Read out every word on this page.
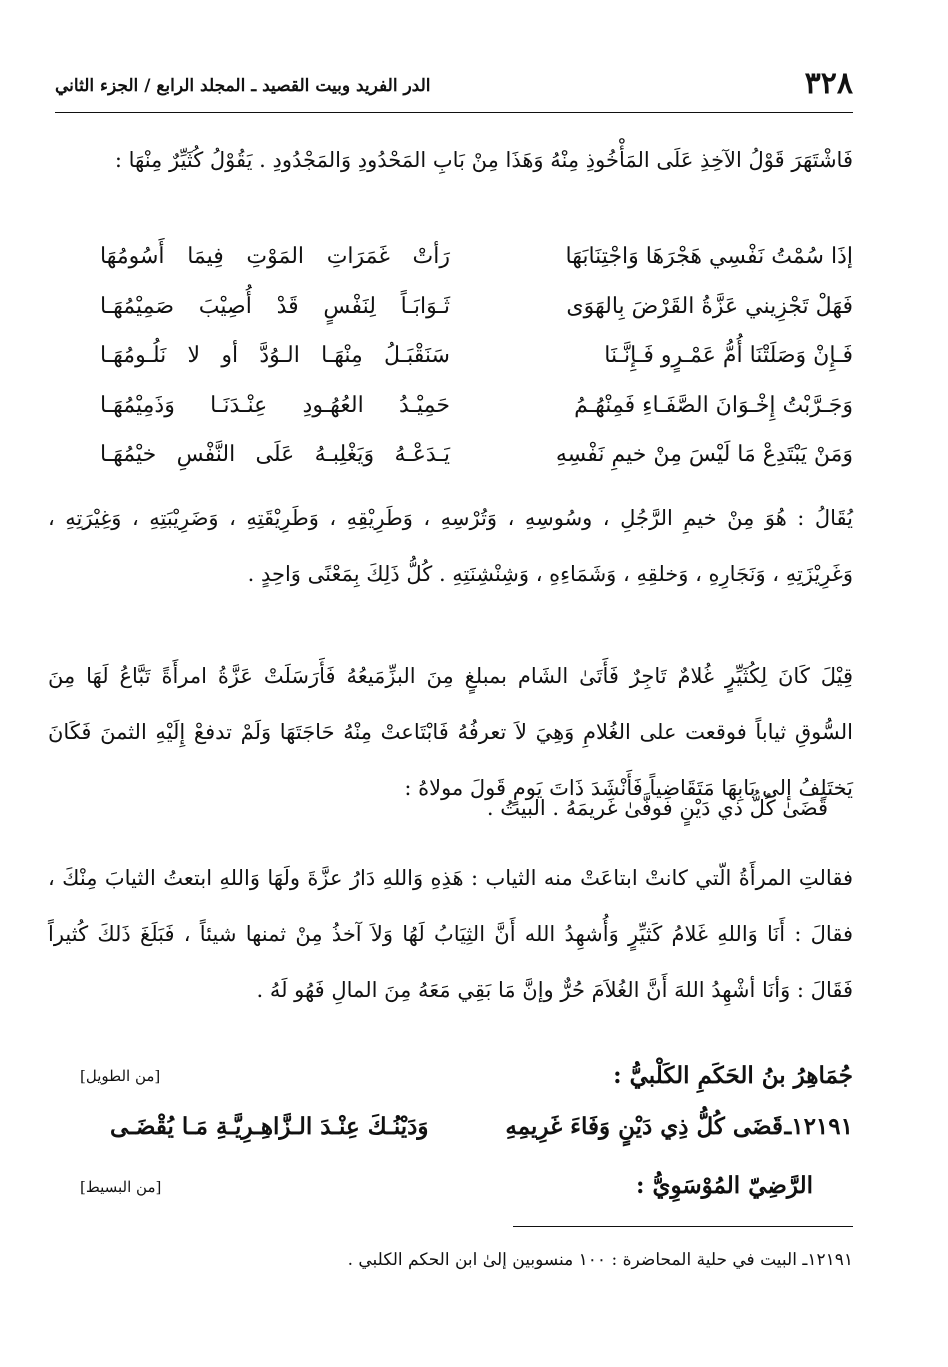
٣٢٨
الدر الفريد وبيت القصيد ـ المجلد الرابع / الجزء الثاني
فَاشْتَهَرَ قَوْلُ الآخِذِ عَلَى المَأْخُوذِ مِنْهُ وَهَذَا مِنْ بَابِ المَحْدُودِ وَالمَجْدُودِ . يَقُوْلُ كُثَيِّرٌ مِنْهَا :
إذَا سُمْتُ نَفْسِي هَجْرَهَا وَاجْتِنَابَهَا
رَأتْ غَمَرَاتِ المَوْتِ فِيمَا أَسُومُهَا
فَهَلْ تَجْزِيني عَزَّةُ القَرْضَ بِالهَوَى
ثَـوَابَـاً لِنَفْسٍ قَدْ أُصِيْبَ صَمِيْمُهَـا
فَـإِنْ وَصَلَتْنَا أُمُّ عَمْـرٍو فَـإِنَّـنَا
سَنَقْبَـلُ مِنْهَـا الـوُدَّ أو لا نَلُـومُهَـا
وَجَـرَّبْتُ إِخْـوَانَ الصَّفَـاءِ فَمِنْهُـمُ
حَمِيْـدُ العُهُـودِ عِنْـدَنَـا وَذَمِيْمُهَـا
وَمَنْ يَبْتَدِعْ مَا لَيْسَ مِنْ خيمِ نَفْسِهِ
يَـدَعْـهُ وَيَغْلِبـهُ عَلَى النَّفْسِ خيْمُهَـا
يُقَالُ : هُوَ مِنْ خيمِ الرَّجُلِ ، وسُوسِهِ ، وَتُرْسِهِ ، وَطَرِيْقِهِ ، وَطَرِيْقَتِهِ ، وَضَرِيْبَتِهِ ، وَغِيْرَتِهِ ، وَغَرِيْزَتِهِ ، وَنَجَارِهِ ، وَخلقِهِ ، وَشَمَاءِهِ ، وَشِنْشِنَتِهِ . كُلُّ ذَلِكَ بِمَعْنًى وَاحِدٍ .
قِيْلَ كَانَ لِكُثَيِّرٍ غُلامٌ تَاجِرٌ فَأَتَىٰ الشَام بمبلغٍ مِنَ البزِّمَيعُهُ فَأَرَسَلَتْ عَزَّةُ امرأَةً تَبَّاعُ لَهَا مِنَ السُّوقِ ثياباً فوقعت على الغُلامِ وَهِيَ لاَ تعرفُهُ فَابْتَاعتْ مِنْهُ حَاجَتَهَا وَلَمْ تدفعْ إِلَيْهِ الثمنَ فَكَانَ يَختَلِفُ إلى بَابِهَا مَتَقَاضِياً فَأَنْشَدَ ذَاتَ يَومٍ قَولَ مولاهُ :
قَضَىٰ كُلُّ ذي دَيْنٍ فوفَّىٰ غَريمَهُ . البيتُ .
فقالتِ المرأَةُ الّتي كانتْ ابتاعَتْ منه الثياب : هَذِهِ وَاللهِ دَارُ عزَّةَ ولَهَا وَاللهِ ابتعتُ الثيابَ مِنْكَ ، فقالَ : أَنَا وَاللهِ غَلامُ كَثيِّرٍ وَأُشهِدُ الله أَنَّ الثِيَابُ لَهُا وَلاَ آخذُ مِنْ ثمنها شيئاً ، فَبَلَغَ ذَلكَ كُثيراً فَقَالَ : وَأنَا أشْهِدُ اللهَ أَنَّ الغُلاَمَ حُرٌّ وإنَّ مَا بَقِي مَعَهُ مِنَ المالِ فَهُو لَهُ .
جُمَاهِرُ بنُ الحَكَمِ الكَلْبيُّ :
[من الطويل]
١٢١٩١ـ
قَضَى كُلُّ ذِي دَيْنٍ وَفَاءَ غَرِيمِهِ
وَدَيْنُـكَ عِنْـدَ الـزَّاهِـرِيَّـةِ مَـا يُقْضَـى
الرَّضِيّ المُوْسَوِيُّ :
[من البسيط]
١٢١٩١ـ البيت في حلية المحاضرة : ١٠٠ منسوبين إلىٰ ابن الحكم الكلبي .
